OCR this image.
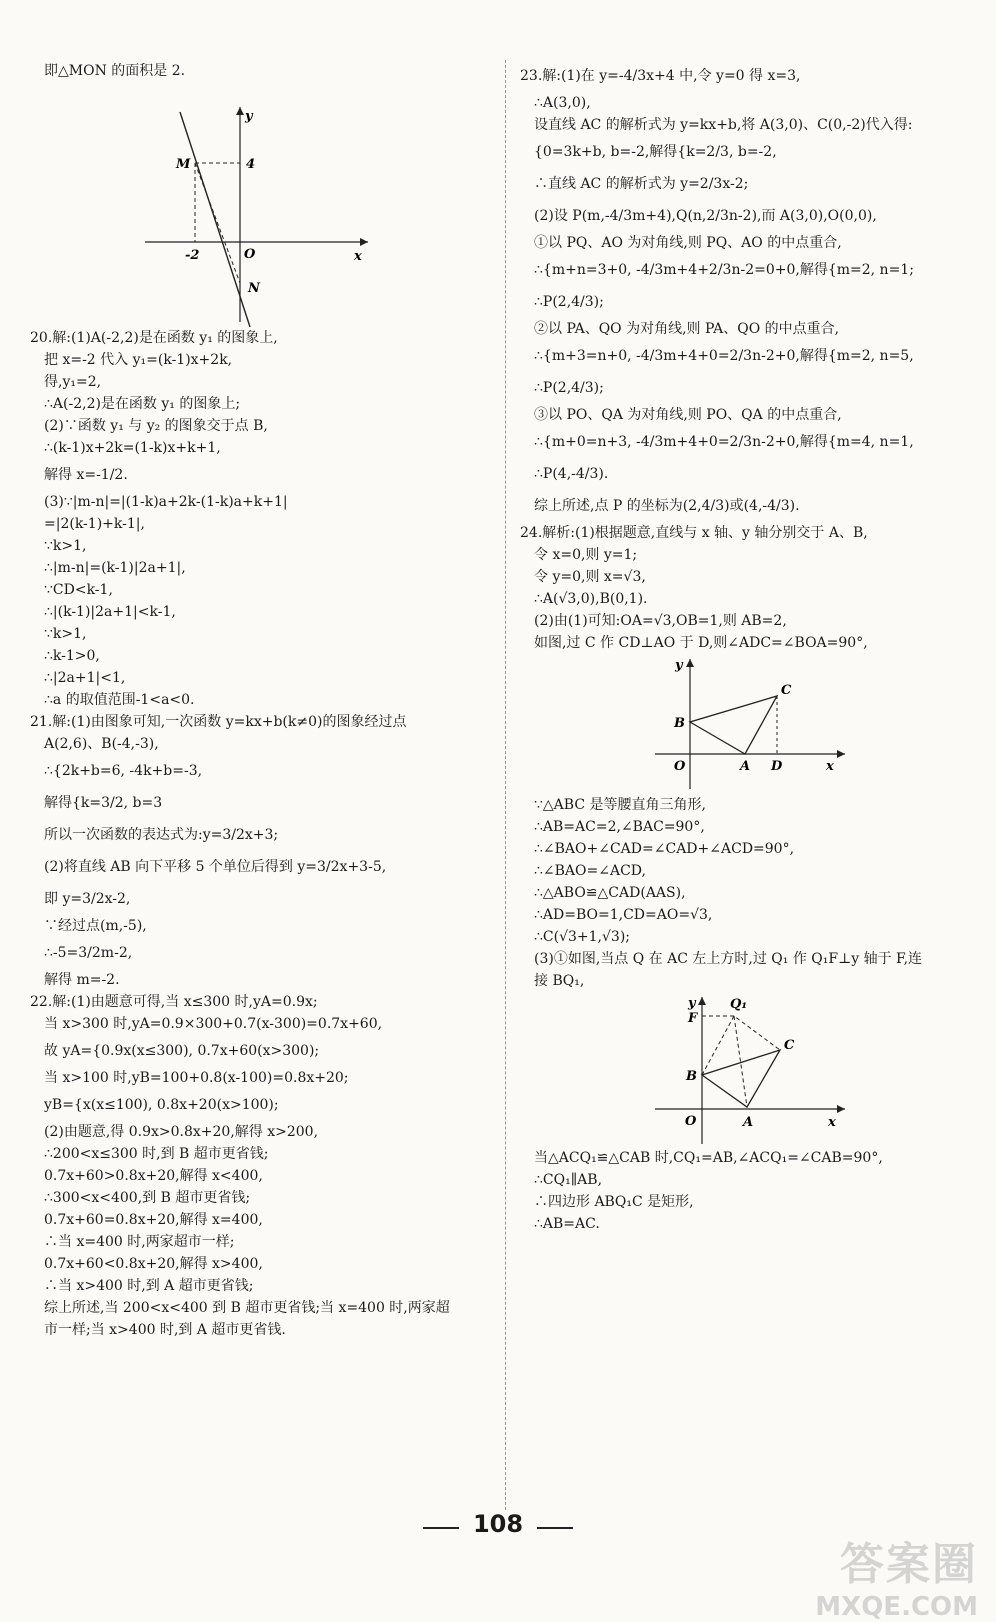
即△MON 的面积是 2.
M	4
y
-2	O	x
N
20.解:(1)A(-2,2)是在函数 y₁ 的图象上,
把 x=-2 代入 y₁=(k-1)x+2k,
得,y₁=2,
∴A(-2,2)是在函数 y₁ 的图象上;
(2)∵函数 y₁ 与 y₂ 的图象交于点 B,
∴(k-1)x+2k=(1-k)x+k+1,
解得 x=-1/2.
(3)∵|m-n|=|(1-k)a+2k-(1-k)a+k+1|
=|2(k-1)+k-1|,
∵k>1,
∴|m-n|=(k-1)|2a+1|,
∵CD<k-1,
∴|(k-1)|2a+1|<k-1,
∵k>1,
∴k-1>0,
∴|2a+1|<1,
∴a 的取值范围-1<a<0.
21.解:(1)由图象可知,一次函数 y=kx+b(k≠0)的图象经过点
A(2,6)、B(-4,-3),
∴{2k+b=6, -4k+b=-3,
解得{k=3/2, b=3
所以一次函数的表达式为:y=3/2x+3;
(2)将直线 AB 向下平移 5 个单位后得到 y=3/2x+3-5,
即 y=3/2x-2,
∵经过点(m,-5),
∴-5=3/2m-2,
解得 m=-2.
22.解:(1)由题意可得,当 x≤300 时,yA=0.9x;
当 x>300 时,yA=0.9×300+0.7(x-300)=0.7x+60,
故 yA={0.9x(x≤300), 0.7x+60(x>300);
当 x>100 时,yB=100+0.8(x-100)=0.8x+20;
yB={x(x≤100), 0.8x+20(x>100);
(2)由题意,得 0.9x>0.8x+20,解得 x>200,
∴200<x≤300 时,到 B 超市更省钱;
0.7x+60>0.8x+20,解得 x<400,
∴300<x<400,到 B 超市更省钱;
0.7x+60=0.8x+20,解得 x=400,
∴当 x=400 时,两家超市一样;
0.7x+60<0.8x+20,解得 x>400,
∴当 x>400 时,到 A 超市更省钱;
综上所述,当 200<x<400 到 B 超市更省钱;当 x=400 时,两家超
市一样;当 x>400 时,到 A 超市更省钱.
23.解:(1)在 y=-4/3x+4 中,令 y=0 得 x=3,
∴A(3,0),
设直线 AC 的解析式为 y=kx+b,将 A(3,0)、C(0,-2)代入得:
{0=3k+b, b=-2,解得{k=2/3, b=-2,
∴直线 AC 的解析式为 y=2/3x-2;
(2)设 P(m,-4/3m+4),Q(n,2/3n-2),而 A(3,0),O(0,0),
①以 PQ、AO 为对角线,则 PQ、AO 的中点重合,
∴{m+n=3+0, -4/3m+4+2/3n-2=0+0,解得{m=2, n=1;
∴P(2,4/3);
②以 PA、QO 为对角线,则 PA、QO 的中点重合,
∴{m+3=n+0, -4/3m+4+0=2/3n-2+0,解得{m=2, n=5,
∴P(2,4/3);
③以 PO、QA 为对角线,则 PO、QA 的中点重合,
∴{m+0=n+3, -4/3m+4+0=2/3n-2+0,解得{m=4, n=1,
∴P(4,-4/3).
综上所述,点 P 的坐标为(2,4/3)或(4,-4/3).
24.解析:(1)根据题意,直线与 x 轴、y 轴分别交于 A、B,
令 x=0,则 y=1;
令 y=0,则 x=√3,
∴A(√3,0),B(0,1).
(2)由(1)可知:OA=√3,OB=1,则 AB=2,
如图,过 C 作 CD⊥AO 于 D,则∠ADC=∠BOA=90°,
y
B
C
O	A D	x
∵△ABC 是等腰直角三角形,
∴AB=AC=2,∠BAC=90°,
∴∠BAO+∠CAD=∠CAD+∠ACD=90°,
∴∠BAO=∠ACD,
∴△ABO≌△CAD(AAS),
∴AD=BO=1,CD=AO=√3,
∴C(√3+1,√3);
(3)①如图,当点 Q 在 AC 左上方时,过 Q₁ 作 Q₁F⊥y 轴于 F,连
接 BQ₁,
y	Q₁
F
C
B
O	A	x
当△ACQ₁≌△CAB 时,CQ₁=AB,∠ACQ₁=∠CAB=90°,
∴CQ₁∥AB,
∴四边形 ABQ₁C 是矩形,
∴AB=AC.
108
答案圈
MXQE.COM
